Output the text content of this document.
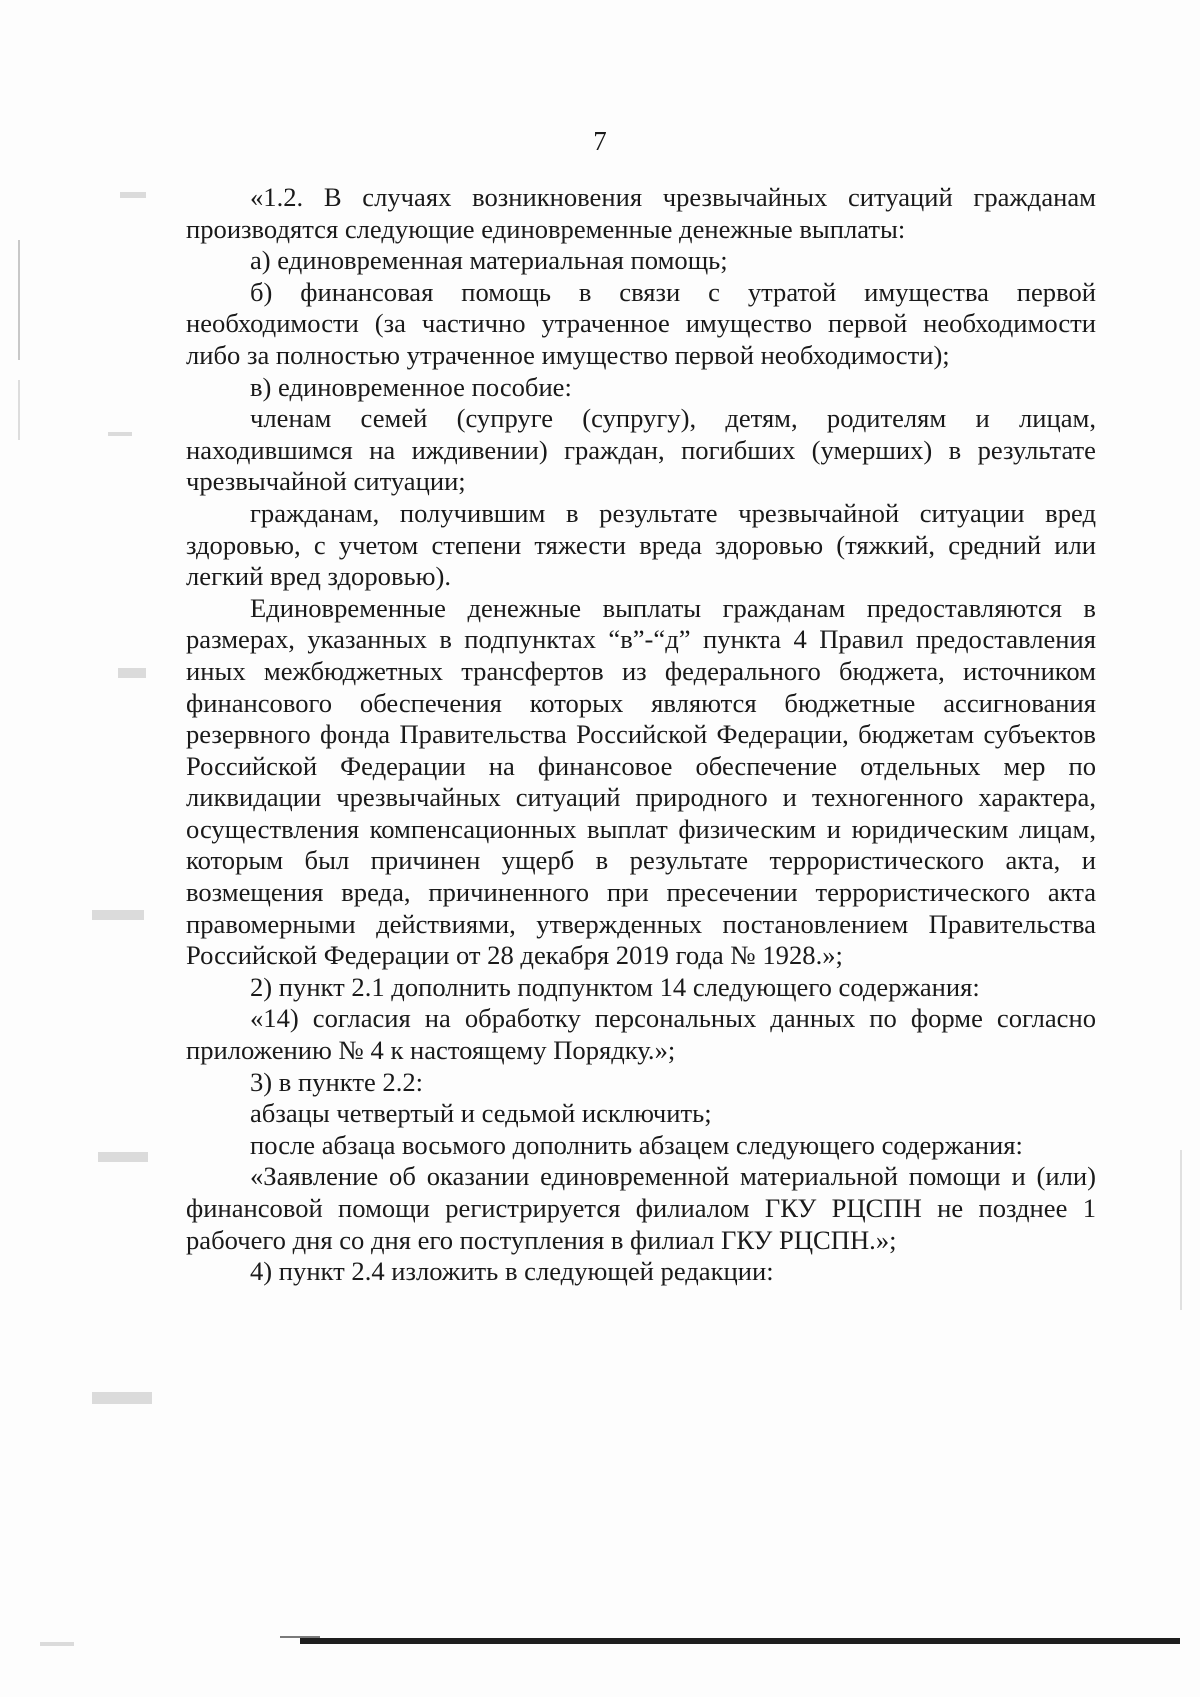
7

«1.2. В случаях возникновения чрезвычайных ситуаций гражданам производятся следующие единовременные денежные выплаты:

а) единовременная материальная помощь;

б) финансовая помощь в связи с утратой имущества первой необходимости (за частично утраченное имущество первой необходимости либо за полностью утраченное имущество первой необходимости);

в) единовременное пособие:

членам семей (супруге (супругу), детям, родителям и лицам, находившимся на иждивении) граждан, погибших (умерших) в результате чрезвычайной ситуации;

гражданам, получившим в результате чрезвычайной ситуации вред здоровью, с учетом степени тяжести вреда здоровью (тяжкий, средний или легкий вред здоровью).

Единовременные денежные выплаты гражданам предоставляются в размерах, указанных в подпунктах “в”-“д” пункта 4 Правил предоставления иных межбюджетных трансфертов из федерального бюджета, источником финансового обеспечения которых являются бюджетные ассигнования резервного фонда Правительства Российской Федерации, бюджетам субъектов Российской Федерации на финансовое обеспечение отдельных мер по ликвидации чрезвычайных ситуаций природного и техногенного характера, осуществления компенсационных выплат физическим и юридическим лицам, которым был причинен ущерб в результате террористического акта, и возмещения вреда, причиненного при пресечении террористического акта правомерными действиями, утвержденных постановлением Правительства Российской Федерации от 28 декабря 2019 года № 1928.»;

2) пункт 2.1 дополнить подпунктом 14 следующего содержания:

«14) согласия на обработку персональных данных по форме согласно приложению № 4 к настоящему Порядку.»;

3) в пункте 2.2:

абзацы четвертый и седьмой исключить;

после абзаца восьмого дополнить абзацем следующего содержания:

«Заявление об оказании единовременной материальной помощи и (или) финансовой помощи регистрируется филиалом ГКУ РЦСПН не позднее 1 рабочего дня со дня его поступления в филиал ГКУ РЦСПН.»;

4) пункт 2.4 изложить в следующей редакции:
